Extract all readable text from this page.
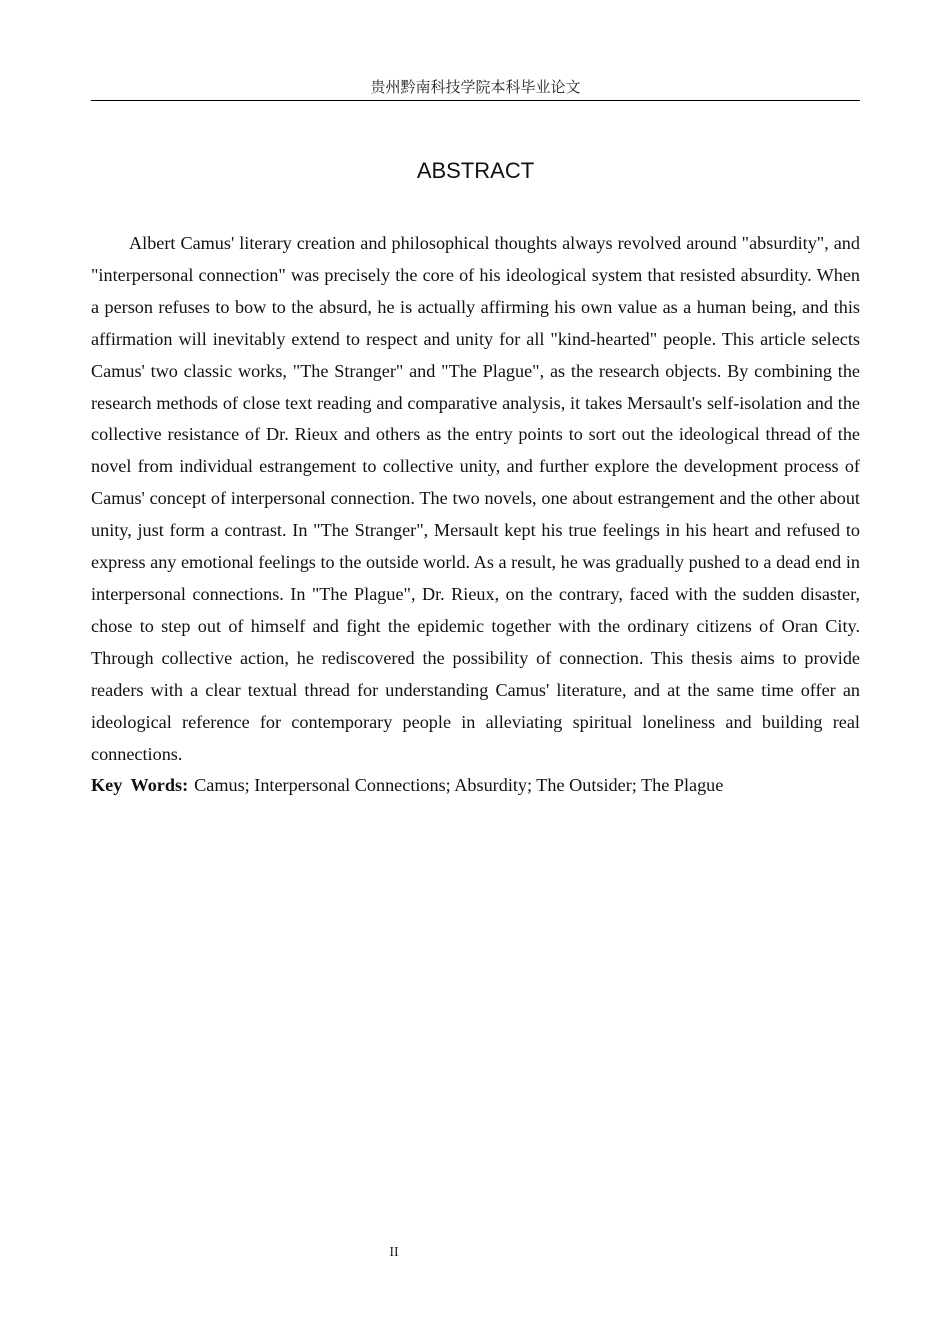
贵州黔南科技学院本科毕业论文
ABSTRACT

Albert Camus' literary creation and philosophical thoughts always revolved around "absurdity", and "interpersonal connection" was precisely the core of his ideological system that resisted absurdity. When a person refuses to bow to the absurd, he is actually affirming his own value as a human being, and this affirmation will inevitably extend to respect and unity for all "kind-hearted" people. This article selects Camus' two classic works, "The Stranger" and "The Plague", as the research objects. By combining the research methods of close text reading and comparative analysis, it takes Mersault's self-isolation and the collective resistance of Dr. Rieux and others as the entry points to sort out the ideological thread of the novel from individual estrangement to collective unity, and further explore the development process of Camus' concept of interpersonal connection. The two novels, one about estrangement and the other about unity, just form a contrast. In "The Stranger", Mersault kept his true feelings in his heart and refused to express any emotional feelings to the outside world. As a result, he was gradually pushed to a dead end in interpersonal connections. In "The Plague", Dr. Rieux, on the contrary, faced with the sudden disaster, chose to step out of himself and fight the epidemic together with the ordinary citizens of Oran City. Through collective action, he rediscovered the possibility of connection. This thesis aims to provide readers with a clear textual thread for understanding Camus' literature, and at the same time offer an ideological reference for contemporary people in alleviating spiritual loneliness and building real connections.

Key Words: Camus; Interpersonal Connections; Absurdity; The Outsider; The Plague
II
